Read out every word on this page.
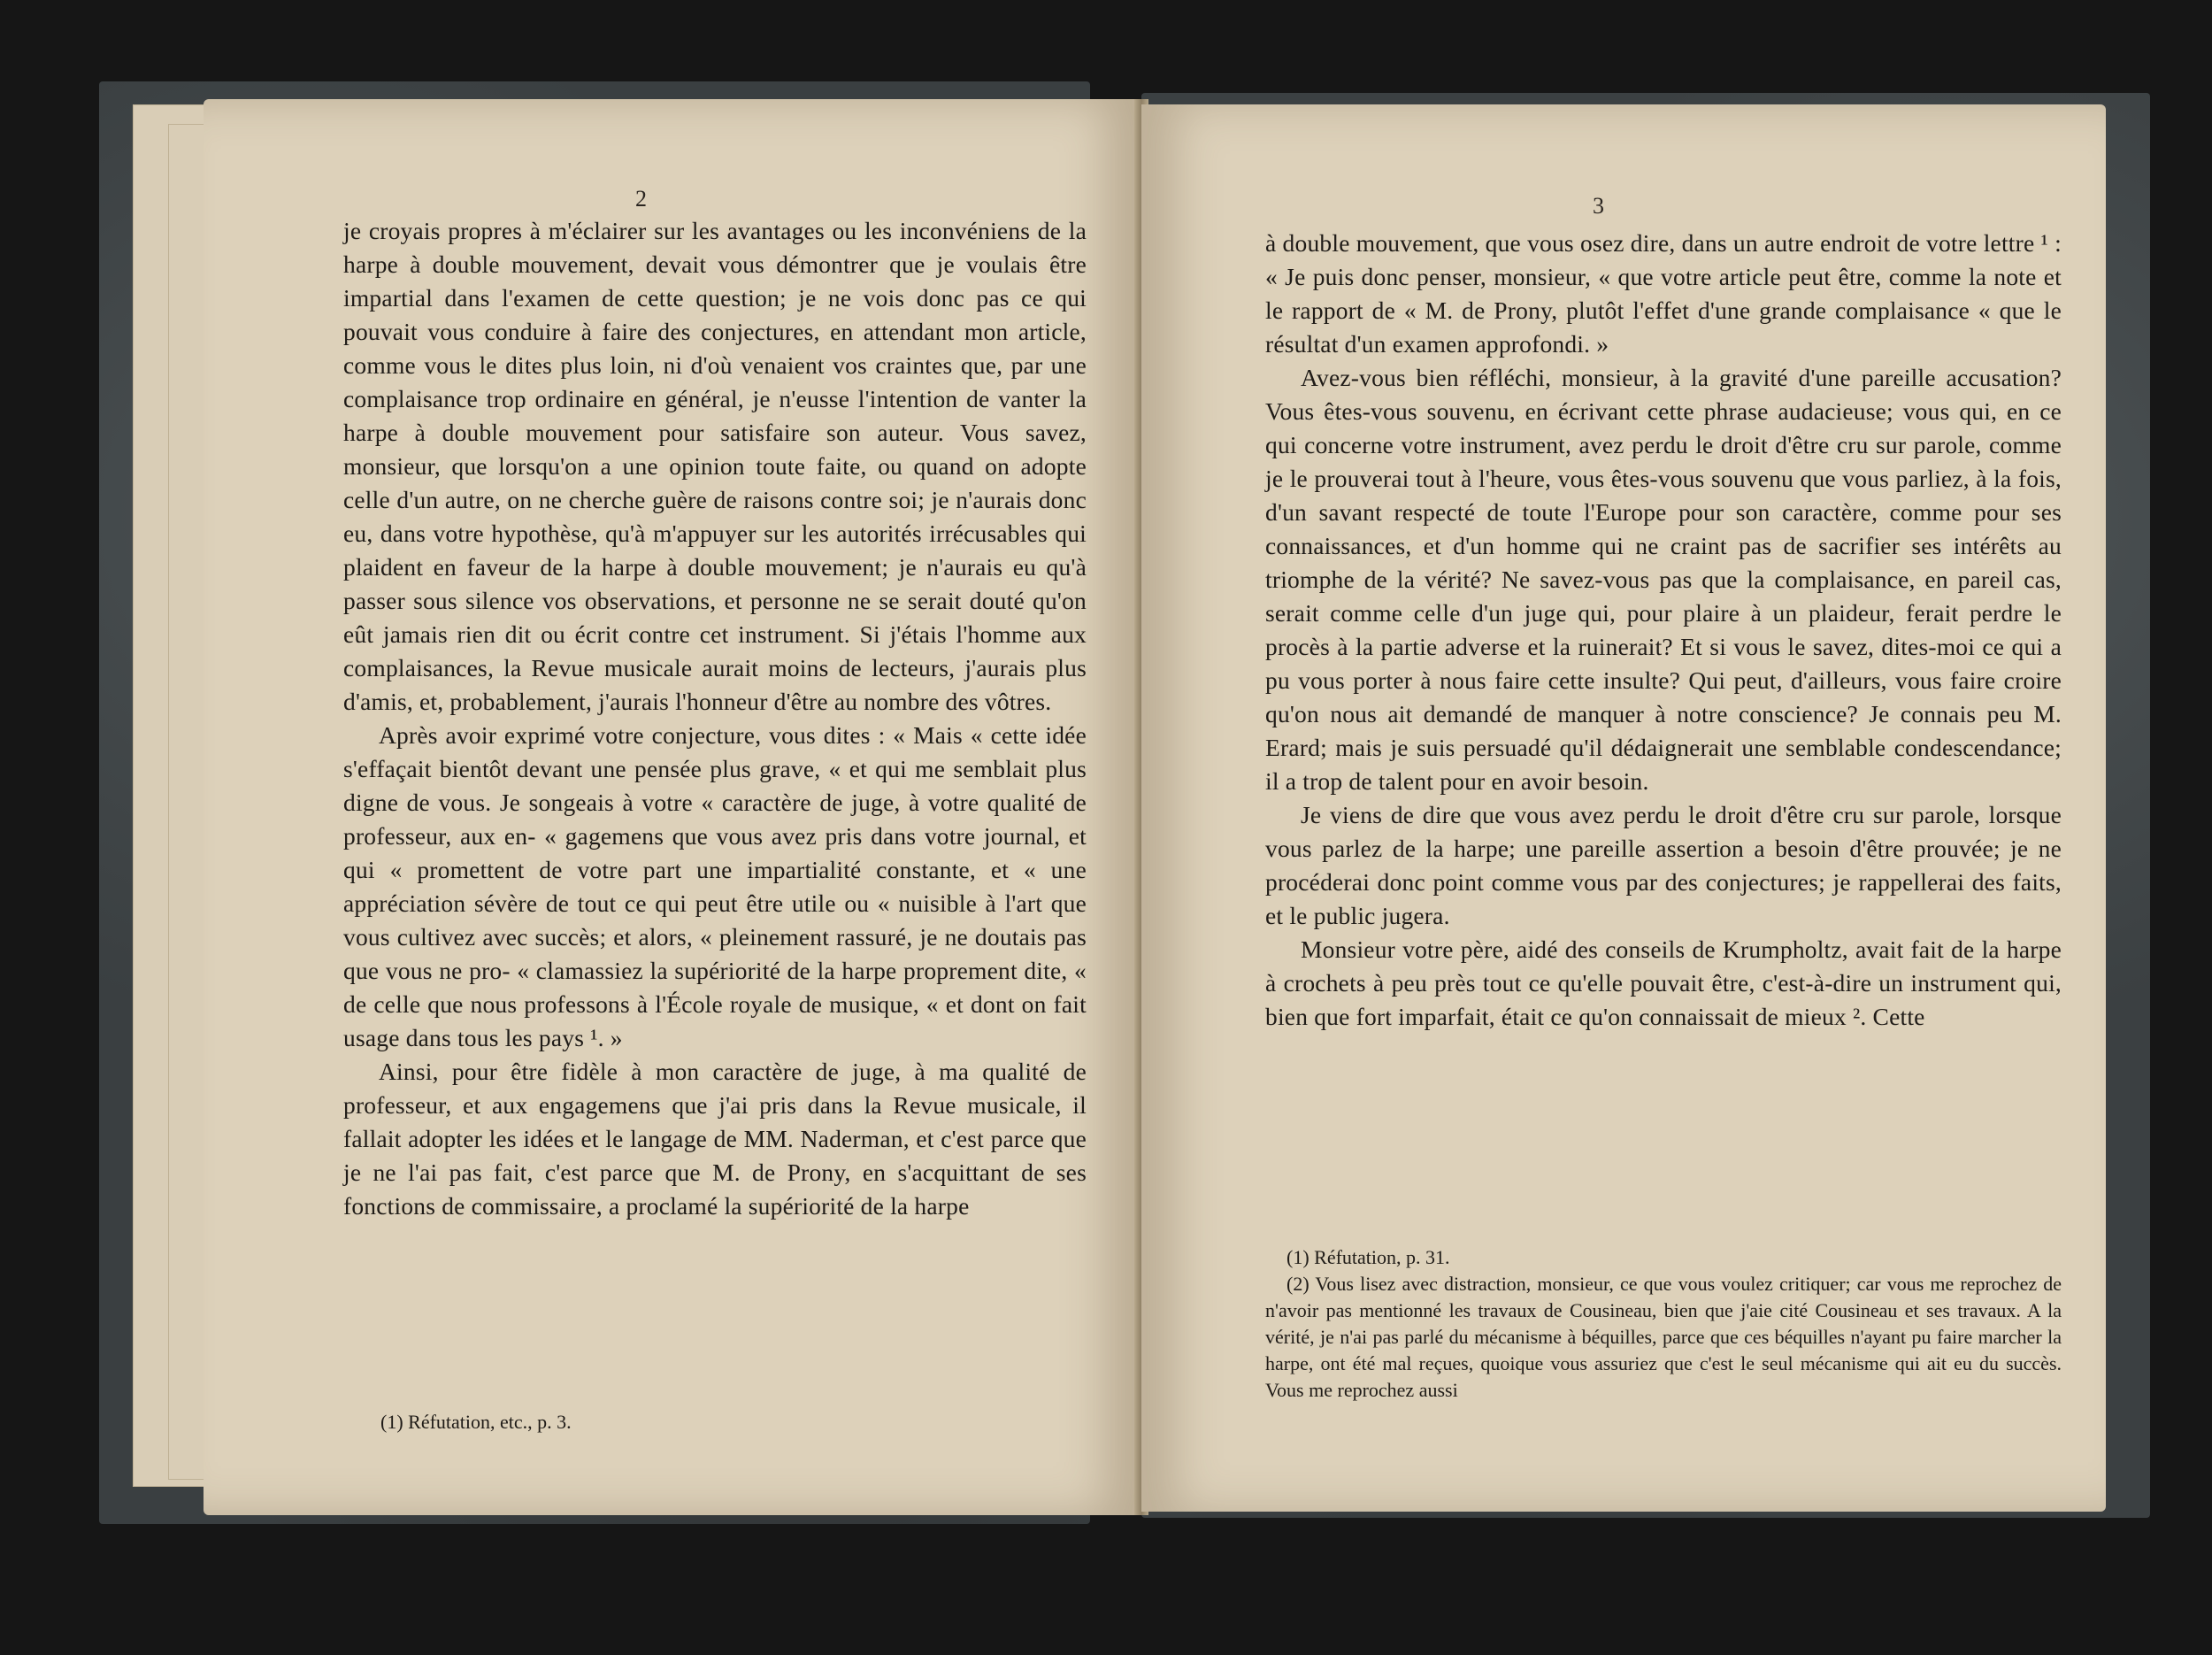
2

je croyais propres à m'éclairer sur les avantages ou les inconvéniens de la harpe à double mouvement, devait vous démontrer que je voulais être impartial dans l'examen de cette question; je ne vois donc pas ce qui pouvait vous conduire à faire des conjectures, en attendant mon article, comme vous le dites plus loin, ni d'où venaient vos craintes que, par une complaisance trop ordinaire en général, je n'eusse l'intention de vanter la harpe à double mouvement pour satisfaire son auteur. Vous savez, monsieur, que lorsqu'on a une opinion toute faite, ou quand on adopte celle d'un autre, on ne cherche guère de raisons contre soi; je n'aurais donc eu, dans votre hypothèse, qu'à m'appuyer sur les autorités irrécusables qui plaident en faveur de la harpe à double mouvement; je n'aurais eu qu'à passer sous silence vos observations, et personne ne se serait douté qu'on eût jamais rien dit ou écrit contre cet instrument. Si j'étais l'homme aux complaisances, la Revue musicale aurait moins de lecteurs, j'aurais plus d'amis, et, probablement, j'aurais l'honneur d'être au nombre des vôtres.

Après avoir exprimé votre conjecture, vous dites : « Mais « cette idée s'effaçait bientôt devant une pensée plus grave, « et qui me semblait plus digne de vous. Je songeais à votre « caractère de juge, à votre qualité de professeur, aux en- « gagemens que vous avez pris dans votre journal, et qui « promettent de votre part une impartialité constante, et « une appréciation sévère de tout ce qui peut être utile ou « nuisible à l'art que vous cultivez avec succès; et alors, « pleinement rassuré, je ne doutais pas que vous ne pro- « clamassiez la supériorité de la harpe proprement dite, « de celle que nous professons à l'École royale de musique, « et dont on fait usage dans tous les pays ¹. »

Ainsi, pour être fidèle à mon caractère de juge, à ma qualité de professeur, et aux engagemens que j'ai pris dans la Revue musicale, il fallait adopter les idées et le langage de MM. Naderman, et c'est parce que je ne l'ai pas fait, c'est parce que M. de Prony, en s'acquittant de ses fonctions de commissaire, a proclamé la supériorité de la harpe

(1) Réfutation, etc., p. 3.

3

à double mouvement, que vous osez dire, dans un autre endroit de votre lettre ¹ : « Je puis donc penser, monsieur, « que votre article peut être, comme la note et le rapport de « M. de Prony, plutôt l'effet d'une grande complaisance « que le résultat d'un examen approfondi. »

Avez-vous bien réfléchi, monsieur, à la gravité d'une pareille accusation? Vous êtes-vous souvenu, en écrivant cette phrase audacieuse; vous qui, en ce qui concerne votre instrument, avez perdu le droit d'être cru sur parole, comme je le prouverai tout à l'heure, vous êtes-vous souvenu que vous parliez, à la fois, d'un savant respecté de toute l'Europe pour son caractère, comme pour ses connaissances, et d'un homme qui ne craint pas de sacrifier ses intérêts au triomphe de la vérité? Ne savez-vous pas que la complaisance, en pareil cas, serait comme celle d'un juge qui, pour plaire à un plaideur, ferait perdre le procès à la partie adverse et la ruinerait? Et si vous le savez, dites-moi ce qui a pu vous porter à nous faire cette insulte? Qui peut, d'ailleurs, vous faire croire qu'on nous ait demandé de manquer à notre conscience? Je connais peu M. Erard; mais je suis persuadé qu'il dédaignerait une semblable condescendance; il a trop de talent pour en avoir besoin.

Je viens de dire que vous avez perdu le droit d'être cru sur parole, lorsque vous parlez de la harpe; une pareille assertion a besoin d'être prouvée; je ne procéderai donc point comme vous par des conjectures; je rappellerai des faits, et le public jugera.

Monsieur votre père, aidé des conseils de Krumpholtz, avait fait de la harpe à crochets à peu près tout ce qu'elle pouvait être, c'est-à-dire un instrument qui, bien que fort imparfait, était ce qu'on connaissait de mieux ². Cette

(1) Réfutation, p. 31.

(2) Vous lisez avec distraction, monsieur, ce que vous voulez critiquer; car vous me reprochez de n'avoir pas mentionné les travaux de Cousineau, bien que j'aie cité Cousineau et ses travaux. A la vérité, je n'ai pas parlé du mécanisme à béquilles, parce que ces béquilles n'ayant pu faire marcher la harpe, ont été mal reçues, quoique vous assuriez que c'est le seul mécanisme qui ait eu du succès. Vous me reprochez aussi
